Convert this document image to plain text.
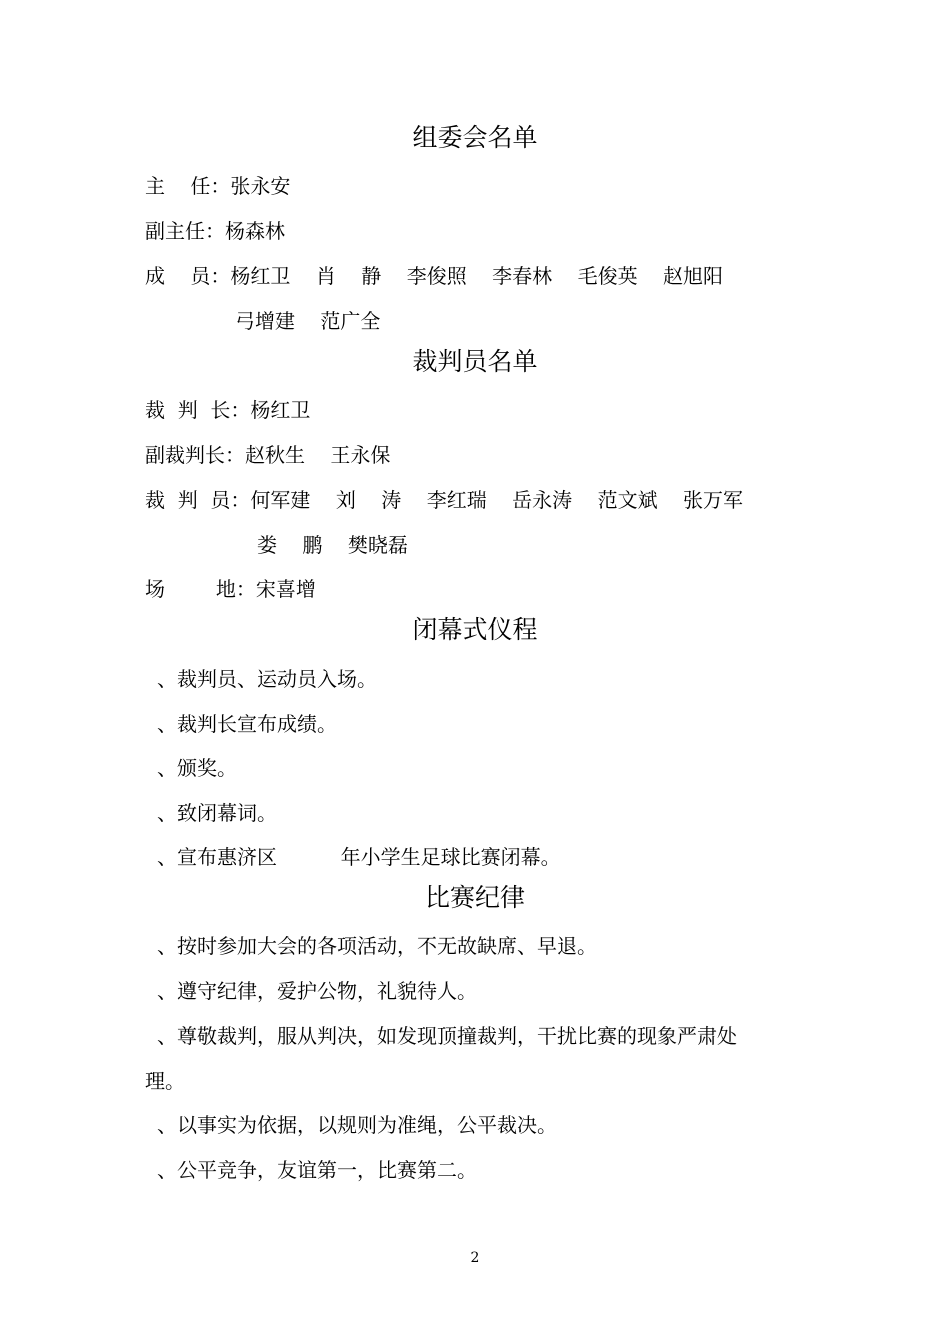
组委会名单
主    任：张永安
副主任：杨森林
成    员：杨红卫    肖    静    李俊照    李春林    毛俊英    赵旭阳
弓增建    范广全
裁判员名单
裁  判  长：杨红卫
副裁判长：赵秋生    王永保
裁  判  员：何军建    刘    涛    李红瑞    岳永涛    范文斌    张万军
娄    鹏    樊晓磊
场        地：宋喜增
闭幕式仪程
、裁判员、运动员入场。
、裁判长宣布成绩。
、颁奖。
、致闭幕词。
、宣布惠济区          年小学生足球比赛闭幕。
比赛纪律
、按时参加大会的各项活动，不无故缺席、早退。
、遵守纪律，爱护公物，礼貌待人。
、尊敬裁判，服从判决，如发现顶撞裁判，干扰比赛的现象严肃处
理。
、以事实为依据，以规则为准绳，公平裁决。
、公平竞争，友谊第一，比赛第二。
2
